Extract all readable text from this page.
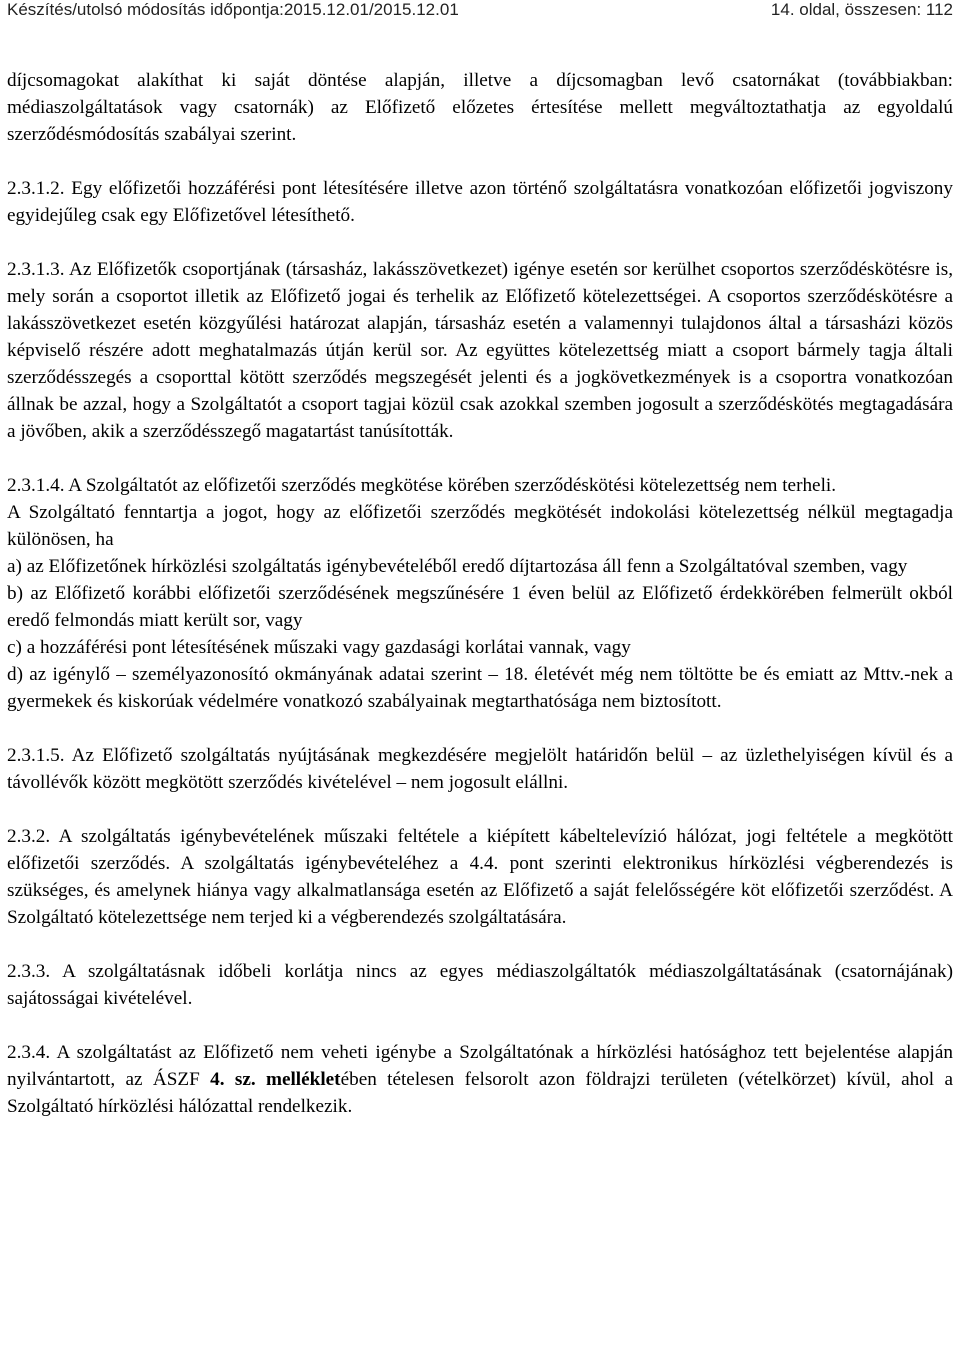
Készítés/utolsó módosítás időpontja:2015.12.01/2015.12.01	14. oldal, összesen: 112

díjcsomagokat alakíthat ki saját döntése alapján, illetve a díjcsomagban levő csatornákat (továbbiakban: médiaszolgáltatások vagy csatornák) az Előfizető előzetes értesítése mellett megváltoztathatja az egyoldalú szerződésmódosítás szabályai szerint.

2.3.1.2. Egy előfizetői hozzáférési pont létesítésére illetve azon történő szolgáltatásra vonatkozóan előfizetői jogviszony egyidejűleg csak egy Előfizetővel létesíthető.

2.3.1.3. Az Előfizetők csoportjának (társasház, lakásszövetkezet) igénye esetén sor kerülhet csoportos szerződéskötésre is, mely során a csoportot illetik az Előfizető jogai és terhelik az Előfizető kötelezettségei. A csoportos szerződéskötésre a lakásszövetkezet esetén közgyűlési határozat alapján, társasház esetén a valamennyi tulajdonos által a társasházi közös képviselő részére adott meghatalmazás útján kerül sor. Az együttes kötelezettség miatt a csoport bármely tagja általi szerződésszegés a csoporttal kötött szerződés megszegését jelenti és a jogkövetkezmények is a csoportra vonatkozóan állnak be azzal, hogy a Szolgáltatót a csoport tagjai közül csak azokkal szemben jogosult a szerződéskötés megtagadására a jövőben, akik a szerződésszegő magatartást tanúsították.

2.3.1.4. A Szolgáltatót az előfizetői szerződés megkötése körében szerződéskötési kötelezettség nem terheli.

A Szolgáltató fenntartja a jogot, hogy az előfizetői szerződés megkötését indokolási kötelezettség nélkül megtagadja különösen, ha

a) az Előfizetőnek hírközlési szolgáltatás igénybevételéből eredő díjtartozása áll fenn a Szolgáltatóval szemben, vagy

b) az Előfizető korábbi előfizetői szerződésének megszűnésére 1 éven belül az Előfizető érdekkörében felmerült okból eredő felmondás miatt került sor, vagy

c) a hozzáférési pont létesítésének műszaki vagy gazdasági korlátai vannak, vagy

d) az igénylő – személyazonosító okmányának adatai szerint – 18. életévét még nem töltötte be és emiatt az Mttv.-nek a gyermekek és kiskorúak védelmére vonatkozó szabályainak megtarthatósága nem biztosított.

2.3.1.5. Az Előfizető szolgáltatás nyújtásának megkezdésére megjelölt határidőn belül – az üzlethelyiségen kívül és a távollévők között megkötött szerződés kivételével – nem jogosult elállni.

2.3.2. A szolgáltatás igénybevételének műszaki feltétele a kiépített kábeltelevízió hálózat, jogi feltétele a megkötött előfizetői szerződés. A szolgáltatás igénybevételéhez a 4.4. pont szerinti elektronikus hírközlési végberendezés is szükséges, és amelynek hiánya vagy alkalmatlansága esetén az Előfizető a saját felelősségére köt előfizetői szerződést. A Szolgáltató kötelezettsége nem terjed ki a végberendezés szolgáltatására.

2.3.3. A szolgáltatásnak időbeli korlátja nincs az egyes médiaszolgáltatók médiaszolgáltatásának (csatornájának) sajátosságai kivételével.

2.3.4. A szolgáltatást az Előfizető nem veheti igénybe a Szolgáltatónak a hírközlési hatósághoz tett bejelentése alapján nyilvántartott, az ÁSZF 4. sz. mellékletében tételesen felsorolt azon földrajzi területen (vételkörzet) kívül, ahol a Szolgáltató hírközlési hálózattal rendelkezik.
